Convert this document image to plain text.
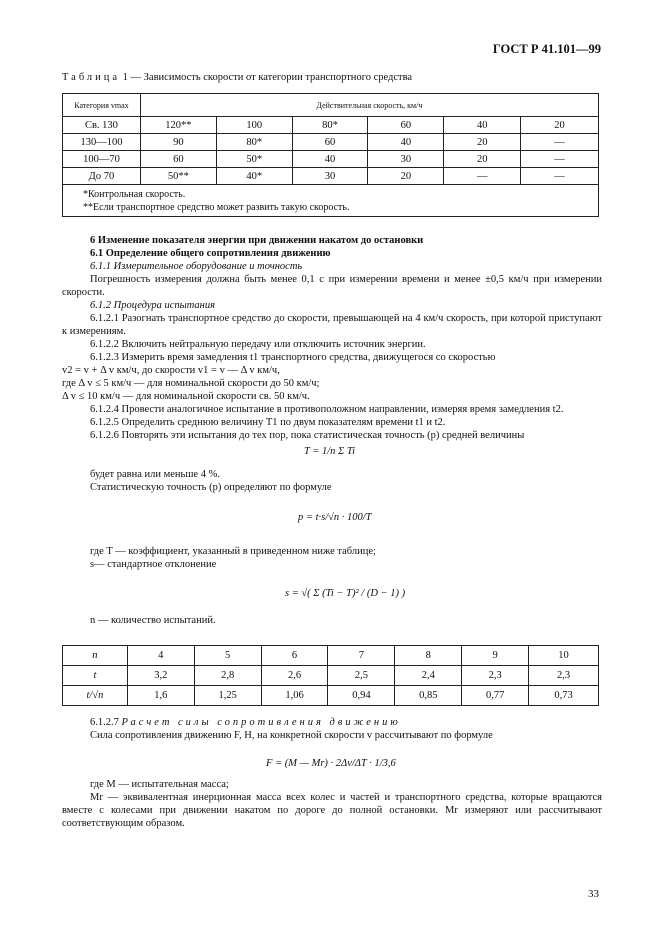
ГОСТ Р 41.101—99
Таблица 1 — Зависимость скорости от категории транспортного средства
Категория vmax	Действительная скорость, км/ч					
Св. 130	120**	100	80*	60	40	20
130—100	90	80*	60	40	20	—
100—70	60	50*	40	30	20	—
До 70	50**	40*	30	20	—	—

*Контрольная скорость.
**Если транспортное средство может развить такую скорость.						
6 Изменение показателя энергии при движении накатом до остановки
6.1 Определение общего сопротивления движению
6.1.1 Измерительное оборудование и точность
Погрешность измерения должна быть менее 0,1 с при измерении времени и менее ±0,5 км/ч при измерении скорости.
6.1.2 Процедура испытания
6.1.2.1 Разогнать транспортное средство до скорости, превышающей на 4 км/ч скорость, при которой приступают к измерениям.
6.1.2.2 Включить нейтральную передачу или отключить источник энергии.
6.1.2.3 Измерить время замедления t1 транспортного средства, движущегося со скоростью
v2 = v + Δ v км/ч, до скорости v1 = v — Δ v км/ч,
где Δ v ≤ 5 км/ч — для номинальной скорости до 50 км/ч;
Δ v ≤ 10 км/ч — для номинальной скорости св. 50 км/ч.
6.1.2.4 Провести аналогичное испытание в противоположном направлении, измеряя время замедления t2.
6.1.2.5 Определить среднюю величину T1 по двум показателям времени t1 и t2.
6.1.2.6 Повторять эти испытания до тех пор, пока статистическая точность (p) средней величины
T = 1/n Σ Ti
будет равна или меньше 4 %.
Статистическую точность (p) определяют по формуле
p = t·s/√n · 100/T
где T — коэффициент, указанный в приведенном ниже таблице;
s— стандартное отклонение
s = √( Σ (Ti − T)² / (D − 1) )
n — количество испытаний.
n	4	5	6	7	8	9	10
t	3,2	2,8	2,6	2,5	2,4	2,3	2,3
t/√n	1,6	1,25	1,06	0,94	0,85	0,77	0,73
6.1.2.7 Расчет силы сопротивления движению
Сила сопротивления движению F, Н, на конкретной скорости v рассчитывают по формуле
F = (M — Mr) · 2Δv/ΔT · 1/3,6
где M — испытательная масса;
Mr — эквивалентная инерционная масса всех колес и частей и транспортного средства, которые вращаются вместе с колесами при движении накатом по дороге до полной остановки. Mr измеряют или рассчитывают соответствующим образом.
33
